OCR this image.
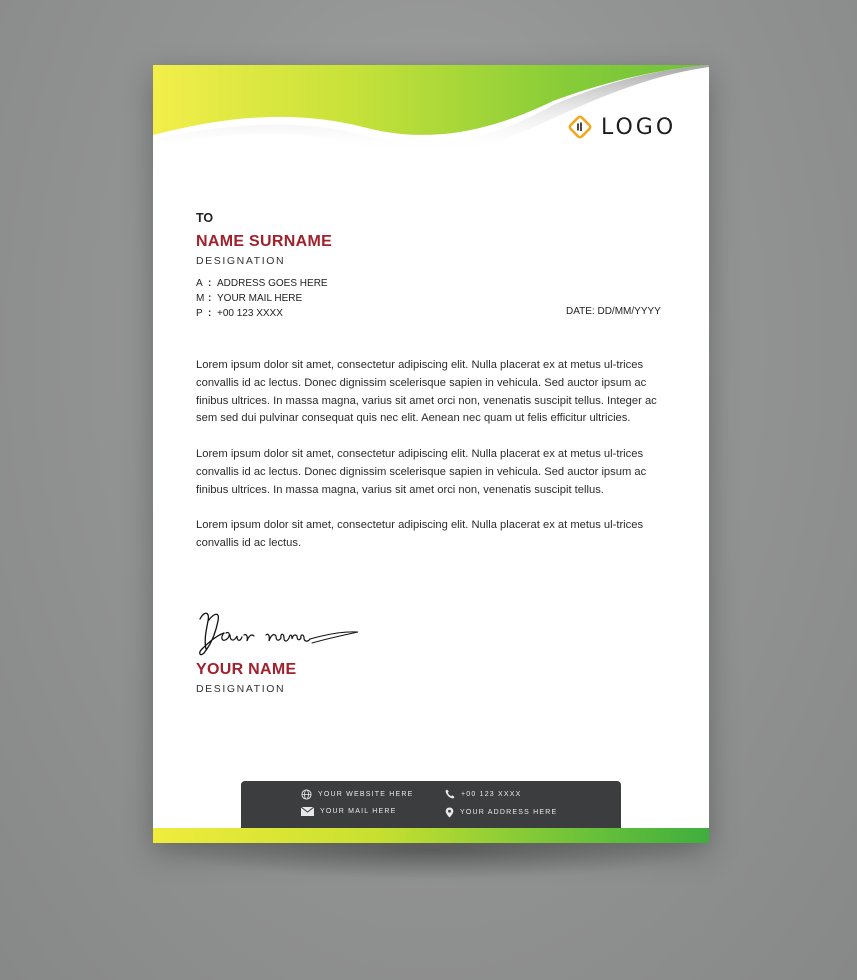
LOGO
TO
NAME SURNAME
DESIGNATION
A : ADDRESS GOES HERE
M : YOUR MAIL HERE
P : +00 123 XXXX	DATE: DD/MM/YYYY

Lorem ipsum dolor sit amet, consectetur adipiscing elit. Nulla placerat ex at metus ul-trices convallis id ac lectus. Donec dignissim scelerisque sapien in vehicula. Sed auctor ipsum ac finibus ultrices. In massa magna, varius sit amet orci non, venenatis suscipit tellus. Integer ac sem sed dui pulvinar consequat quis nec elit. Aenean nec quam ut felis efficitur ultricies.

Lorem ipsum dolor sit amet, consectetur adipiscing elit. Nulla placerat ex at metus ul-trices convallis id ac lectus. Donec dignissim scelerisque sapien in vehicula. Sed auctor ipsum ac finibus ultrices. In massa magna, varius sit amet orci non, venenatis suscipit tellus.

Lorem ipsum dolor sit amet, consectetur adipiscing elit. Nulla placerat ex at metus ul-trices convallis id ac lectus.

YOUR NAME
DESIGNATION
YOUR WEBSITE HERE
YOUR MAIL HERE
+00 123 XXXX
YOUR ADDRESS HERE
